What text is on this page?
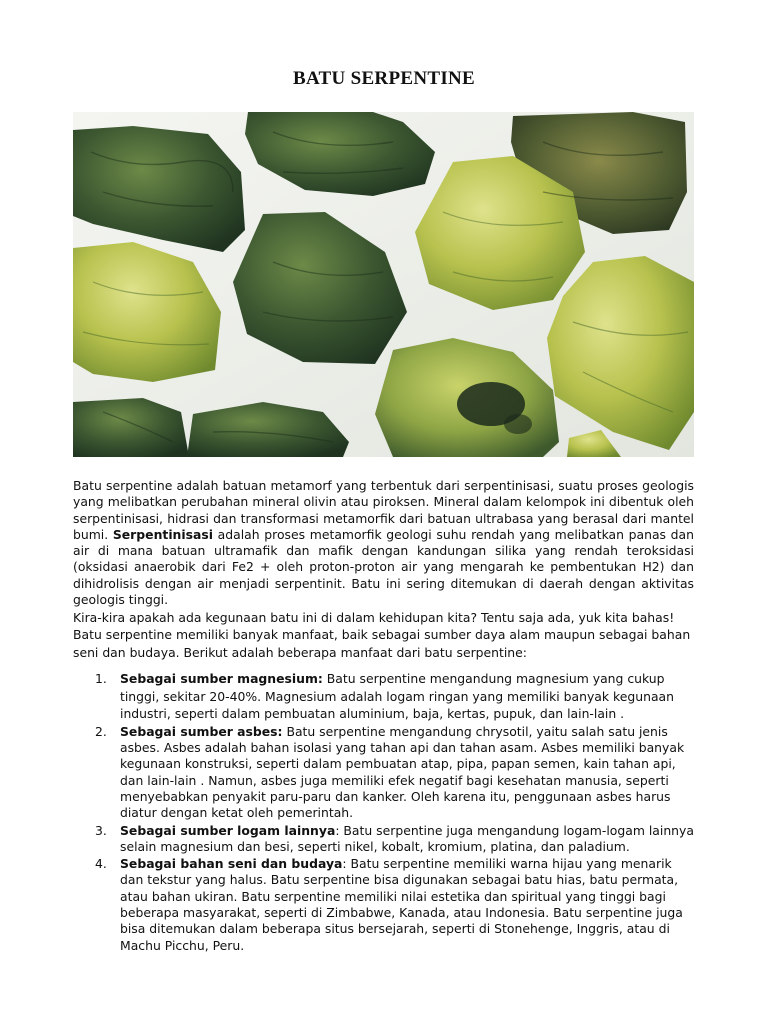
BATU SERPENTINE
Batu serpentine adalah batuan metamorf yang terbentuk dari serpentinisasi, suatu proses geologis yang melibatkan perubahan mineral olivin atau piroksen. Mineral dalam kelompok ini dibentuk oleh serpentinisasi, hidrasi dan transformasi metamorfik dari batuan ultrabasa yang berasal dari mantel bumi. Serpentinisasi adalah proses metamorfik geologi suhu rendah yang melibatkan panas dan air di mana batuan ultramafik dan mafik dengan kandungan silika yang rendah teroksidasi (oksidasi anaerobik dari Fe2 + oleh proton-proton air yang mengarah ke pembentukan H2) dan dihidrolisis dengan air menjadi serpentinit. Batu ini sering ditemukan di daerah dengan aktivitas geologis tinggi.
Kira-kira apakah ada kegunaan batu ini di dalam kehidupan kita? Tentu saja ada, yuk kita bahas!
Batu serpentine memiliki banyak manfaat, baik sebagai sumber daya alam maupun sebagai bahan seni dan budaya. Berikut adalah beberapa manfaat dari batu serpentine:
1. Sebagai sumber magnesium: Batu serpentine mengandung magnesium yang cukup tinggi, sekitar 20-40%. Magnesium adalah logam ringan yang memiliki banyak kegunaan industri, seperti dalam pembuatan aluminium, baja, kertas, pupuk, dan lain-lain .
2. Sebagai sumber asbes: Batu serpentine mengandung chrysotil, yaitu salah satu jenis asbes. Asbes adalah bahan isolasi yang tahan api dan tahan asam. Asbes memiliki banyak kegunaan konstruksi, seperti dalam pembuatan atap, pipa, papan semen, kain tahan api, dan lain-lain . Namun, asbes juga memiliki efek negatif bagi kesehatan manusia, seperti menyebabkan penyakit paru-paru dan kanker. Oleh karena itu, penggunaan asbes harus diatur dengan ketat oleh pemerintah.
3. Sebagai sumber logam lainnya: Batu serpentine juga mengandung logam-logam lainnya selain magnesium dan besi, seperti nikel, kobalt, kromium, platina, dan paladium.
4. Sebagai bahan seni dan budaya: Batu serpentine memiliki warna hijau yang menarik dan tekstur yang halus. Batu serpentine bisa digunakan sebagai batu hias, batu permata, atau bahan ukiran. Batu serpentine memiliki nilai estetika dan spiritual yang tinggi bagi beberapa masyarakat, seperti di Zimbabwe, Kanada, atau Indonesia. Batu serpentine juga bisa ditemukan dalam beberapa situs bersejarah, seperti di Stonehenge, Inggris, atau di Machu Picchu, Peru.
